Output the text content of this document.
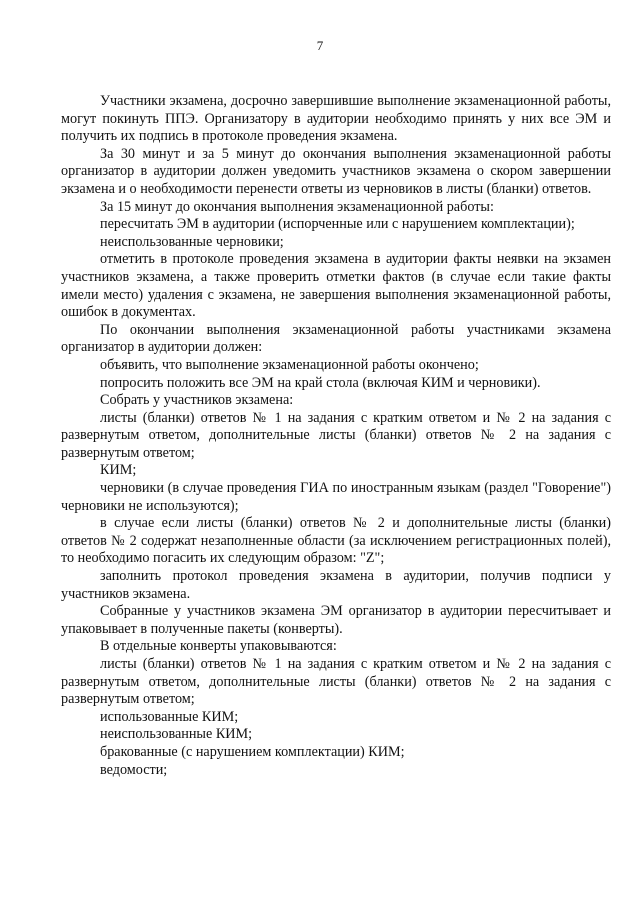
7

Участники экзамена, досрочно завершившие выполнение экзаменационной работы, могут покинуть ППЭ. Организатору в аудитории необходимо принять у них все ЭМ и получить их подпись в протоколе проведения экзамена.

За 30 минут и за 5 минут до окончания выполнения экзаменационной работы организатор в аудитории должен уведомить участников экзамена о скором завершении экзамена и о необходимости перенести ответы из черновиков в листы (бланки) ответов.

За 15 минут до окончания выполнения экзаменационной работы:

пересчитать ЭМ в аудитории (испорченные или с нарушением комплектации);

неиспользованные черновики;

отметить в протоколе проведения экзамена в аудитории факты неявки на экзамен участников экзамена, а также проверить отметки фактов (в случае если такие факты имели место) удаления с экзамена, не завершения выполнения экзаменационной работы, ошибок в документах.

По окончании выполнения экзаменационной работы участниками экзамена организатор в аудитории должен:

объявить, что выполнение экзаменационной работы окончено;

попросить положить все ЭМ на край стола (включая КИМ и черновики).

Собрать у участников экзамена:

листы (бланки) ответов № 1 на задания с кратким ответом и № 2 на задания с развернутым ответом, дополнительные листы (бланки) ответов № 2 на задания с развернутым ответом;

КИМ;

черновики (в случае проведения ГИА по иностранным языкам (раздел "Говорение") черновики не используются);

в случае если листы (бланки) ответов № 2 и дополнительные листы (бланки) ответов № 2 содержат незаполненные области (за исключением регистрационных полей), то необходимо погасить их следующим образом: "Z";

заполнить протокол проведения экзамена в аудитории, получив подписи у участников экзамена.

Собранные у участников экзамена ЭМ организатор в аудитории пересчитывает и упаковывает в полученные пакеты (конверты).

В отдельные конверты упаковываются:

листы (бланки) ответов № 1 на задания с кратким ответом и № 2 на задания с развернутым ответом, дополнительные листы (бланки) ответов № 2 на задания с развернутым ответом;

использованные КИМ;

неиспользованные КИМ;

бракованные (с нарушением комплектации) КИМ;

ведомости;
